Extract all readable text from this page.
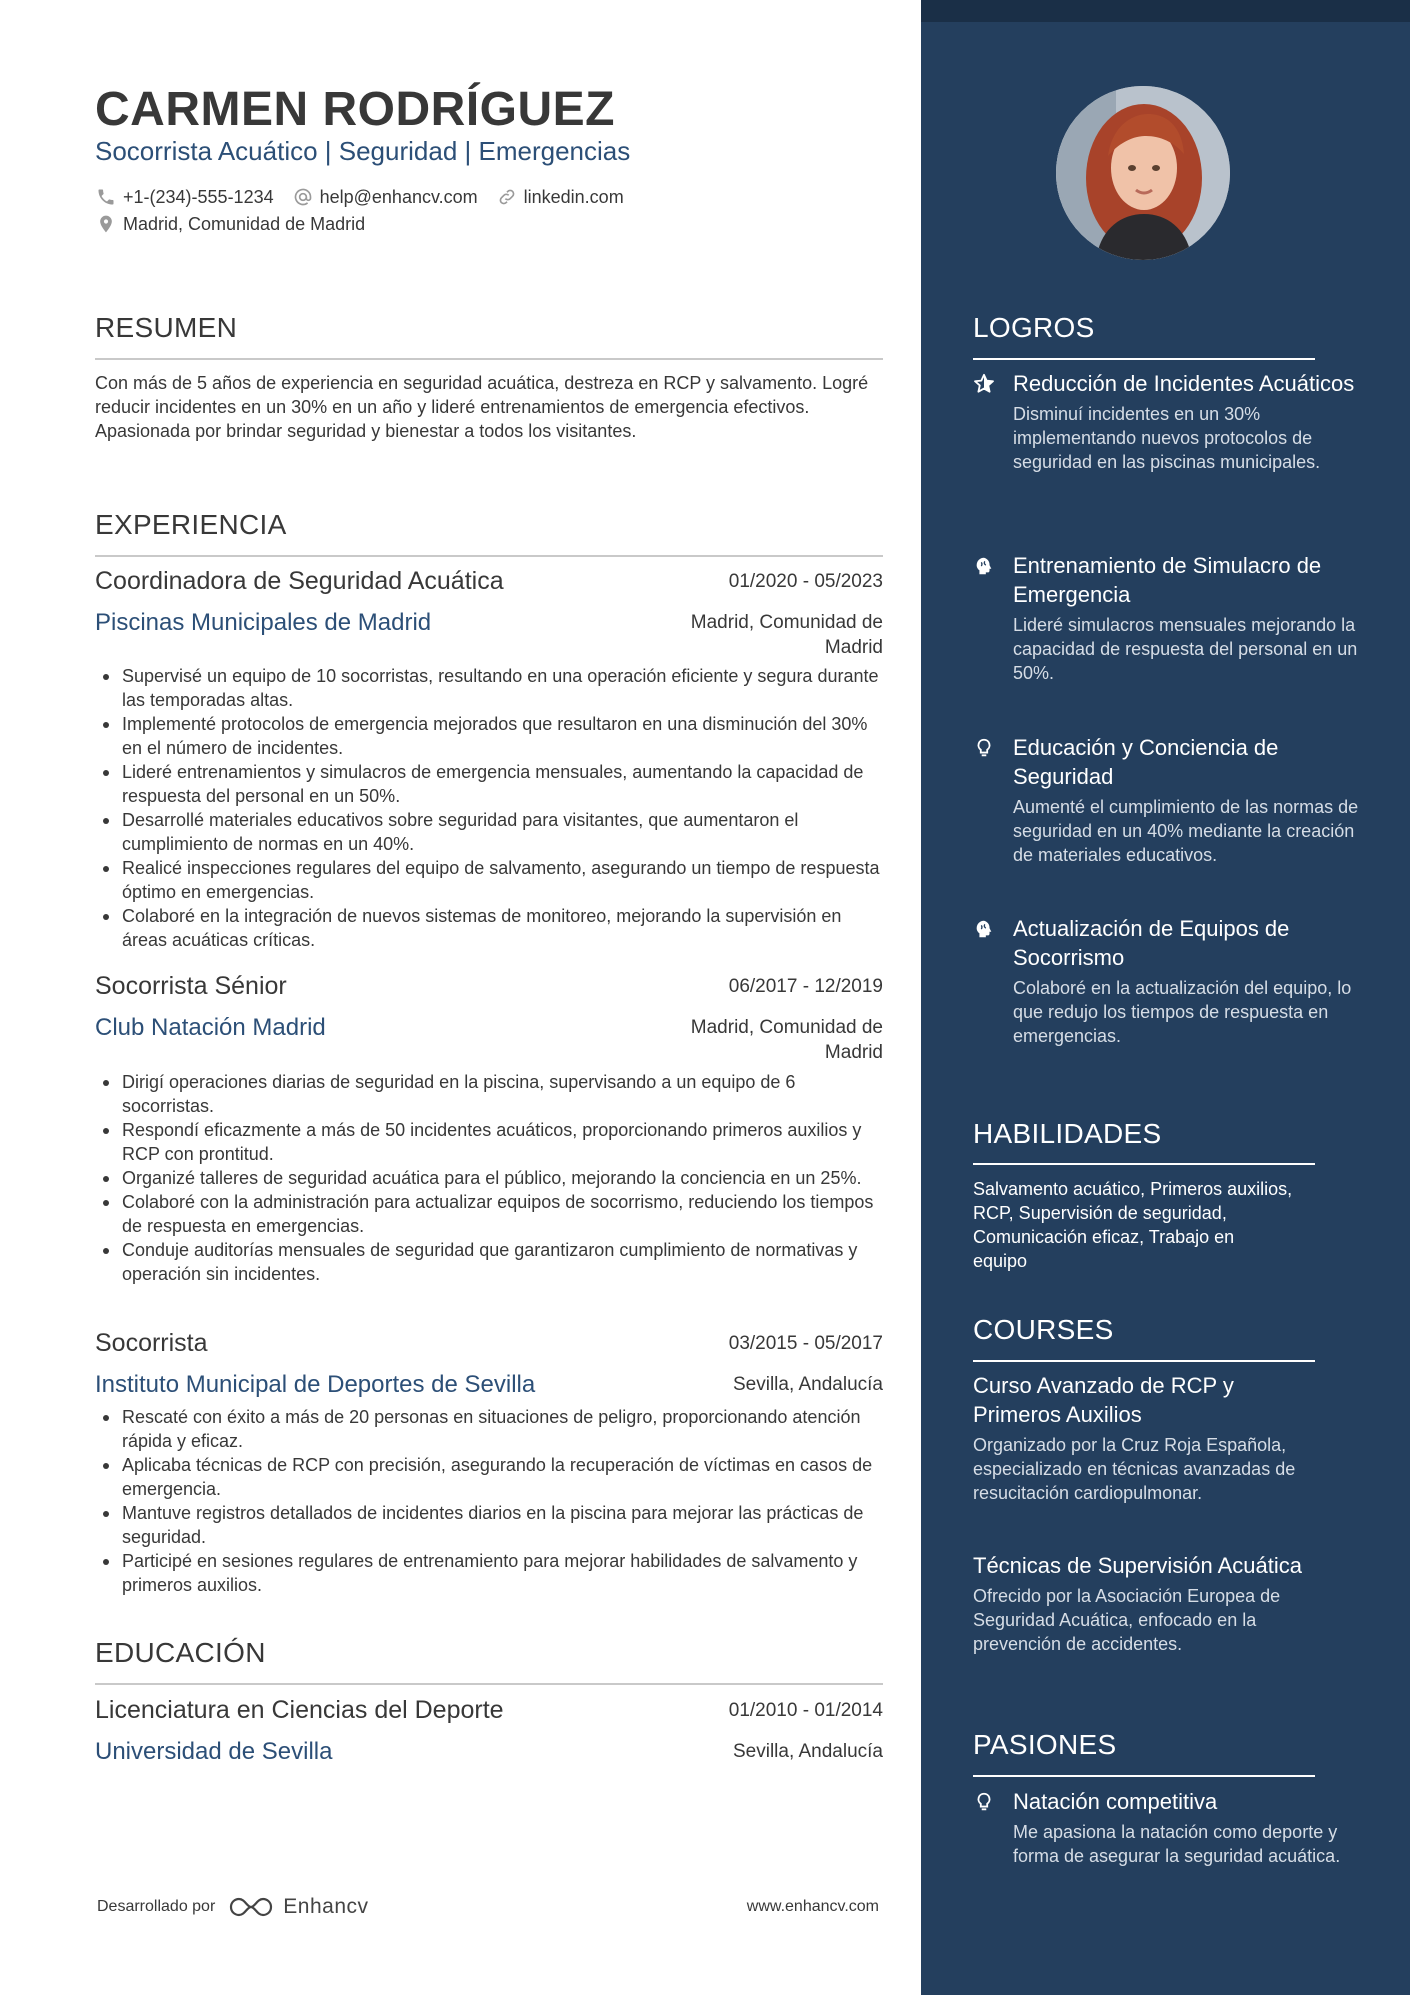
CARMEN RODRÍGUEZ
Socorrista Acuático | Seguridad | Emergencias
+1-(234)-555-1234	help@enhancv.com	linkedin.com
Madrid, Comunidad de Madrid
RESUMEN
Con más de 5 años de experiencia en seguridad acuática, destreza en RCP y salvamento. Logré reducir incidentes en un 30% en un año y lideré entrenamientos de emergencia efectivos. Apasionada por brindar seguridad y bienestar a todos los visitantes.
EXPERIENCIA
Coordinadora de Seguridad Acuática	01/2020 - 05/2023
Piscinas Municipales de Madrid	Madrid, Comunidad de Madrid
Supervisé un equipo de 10 socorristas, resultando en una operación eficiente y segura durante las temporadas altas.
Implementé protocolos de emergencia mejorados que resultaron en una disminución del 30% en el número de incidentes.
Lideré entrenamientos y simulacros de emergencia mensuales, aumentando la capacidad de respuesta del personal en un 50%.
Desarrollé materiales educativos sobre seguridad para visitantes, que aumentaron el cumplimiento de normas en un 40%.
Realicé inspecciones regulares del equipo de salvamento, asegurando un tiempo de respuesta óptimo en emergencias.
Colaboré en la integración de nuevos sistemas de monitoreo, mejorando la supervisión en áreas acuáticas críticas.
Socorrista Sénior	06/2017 - 12/2019
Club Natación Madrid	Madrid, Comunidad de Madrid
Dirigí operaciones diarias de seguridad en la piscina, supervisando a un equipo de 6 socorristas.
Respondí eficazmente a más de 50 incidentes acuáticos, proporcionando primeros auxilios y RCP con prontitud.
Organizé talleres de seguridad acuática para el público, mejorando la conciencia en un 25%.
Colaboré con la administración para actualizar equipos de socorrismo, reduciendo los tiempos de respuesta en emergencias.
Conduje auditorías mensuales de seguridad que garantizaron cumplimiento de normativas y operación sin incidentes.
Socorrista	03/2015 - 05/2017
Instituto Municipal de Deportes de Sevilla	Sevilla, Andalucía
Rescaté con éxito a más de 20 personas en situaciones de peligro, proporcionando atención rápida y eficaz.
Aplicaba técnicas de RCP con precisión, asegurando la recuperación de víctimas en casos de emergencia.
Mantuve registros detallados de incidentes diarios en la piscina para mejorar las prácticas de seguridad.
Participé en sesiones regulares de entrenamiento para mejorar habilidades de salvamento y primeros auxilios.
EDUCACIÓN
Licenciatura en Ciencias del Deporte	01/2010 - 01/2014
Universidad de Sevilla	Sevilla, Andalucía
Desarrollado por	Enhancv	www.enhancv.com
LOGROS
Reducción de Incidentes Acuáticos
Disminuí incidentes en un 30% implementando nuevos protocolos de seguridad en las piscinas municipales.
Entrenamiento de Simulacro de Emergencia
Lideré simulacros mensuales mejorando la capacidad de respuesta del personal en un 50%.
Educación y Conciencia de Seguridad
Aumenté el cumplimiento de las normas de seguridad en un 40% mediante la creación de materiales educativos.
Actualización de Equipos de Socorrismo
Colaboré en la actualización del equipo, lo que redujo los tiempos de respuesta en emergencias.
HABILIDADES
Salvamento acuático, Primeros auxilios, RCP, Supervisión de seguridad, Comunicación eficaz, Trabajo en equipo
COURSES
Curso Avanzado de RCP y Primeros Auxilios
Organizado por la Cruz Roja Española, especializado en técnicas avanzadas de resucitación cardiopulmonar.
Técnicas de Supervisión Acuática
Ofrecido por la Asociación Europea de Seguridad Acuática, enfocado en la prevención de accidentes.
PASIONES
Natación competitiva
Me apasiona la natación como deporte y forma de asegurar la seguridad acuática.
